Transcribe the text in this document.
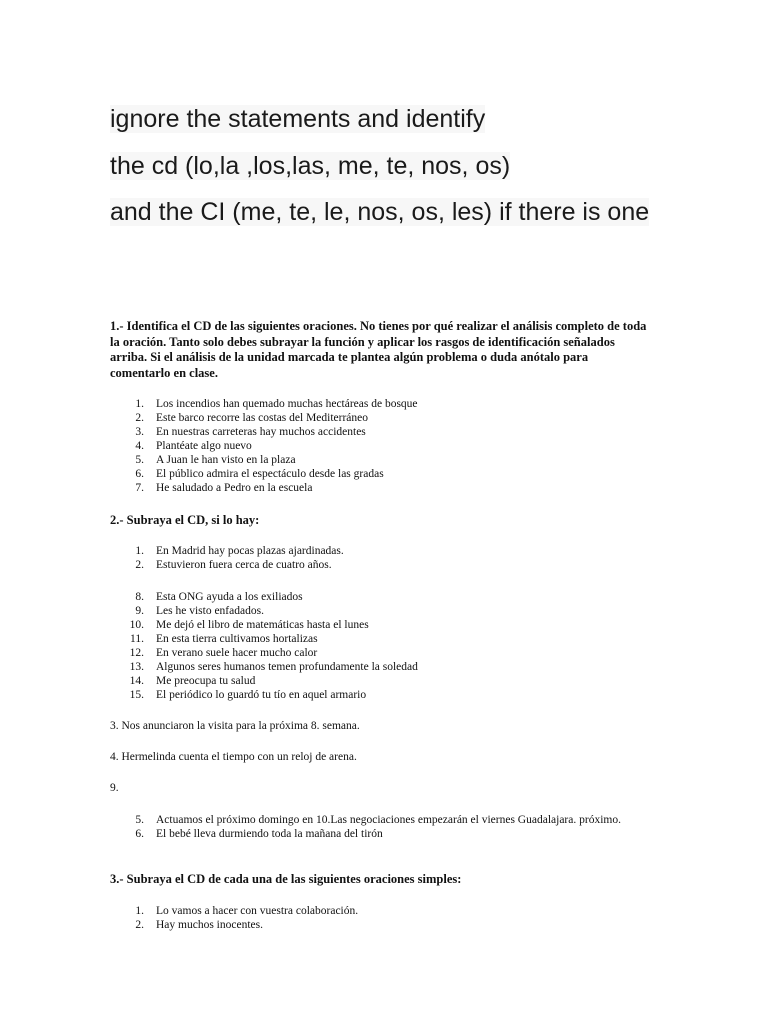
ignore the statements and identify
the cd (lo,la ,los,las, me, te, nos, os)
and the CI (me, te, le, nos, os, les) if there is one
1.- Identifica el CD de las siguientes oraciones. No tienes por qué realizar el análisis completo de toda la oración. Tanto solo debes subrayar la función y aplicar los rasgos de identificación señalados arriba. Si el análisis de la unidad marcada te plantea algún problema o duda anótalo para comentarlo en clase.
1. Los incendios han quemado muchas hectáreas de bosque
2. Este barco recorre las costas del Mediterráneo
3. En nuestras carreteras hay muchos accidentes
4. Plantéate algo nuevo
5. A Juan le han visto en la plaza
6. El público admira el espectáculo desde las gradas
7. He saludado a Pedro en la escuela
2.- Subraya el CD, si lo hay:
1. En Madrid hay pocas plazas ajardinadas.
2. Estuvieron fuera cerca de cuatro años.
8. Esta ONG ayuda a los exiliados
9. Les he visto enfadados.
10. Me dejó el libro de matemáticas hasta el lunes
11. En esta tierra cultivamos hortalizas
12. En verano suele hacer mucho calor
13. Algunos seres humanos temen profundamente la soledad
14. Me preocupa tu salud
15. El periódico lo guardó tu tío en aquel armario
3. Nos anunciaron la visita para la próxima 8. semana.
4. Hermelinda cuenta el tiempo con un reloj de arena.
9.
5. Actuamos el próximo domingo en 10.Las negociaciones empezarán el viernes Guadalajara. próximo.
6. El bebé lleva durmiendo toda la mañana del tirón
3.- Subraya el CD de cada una de las siguientes oraciones simples:
1. Lo vamos a hacer con vuestra colaboración.
2. Hay muchos inocentes.
